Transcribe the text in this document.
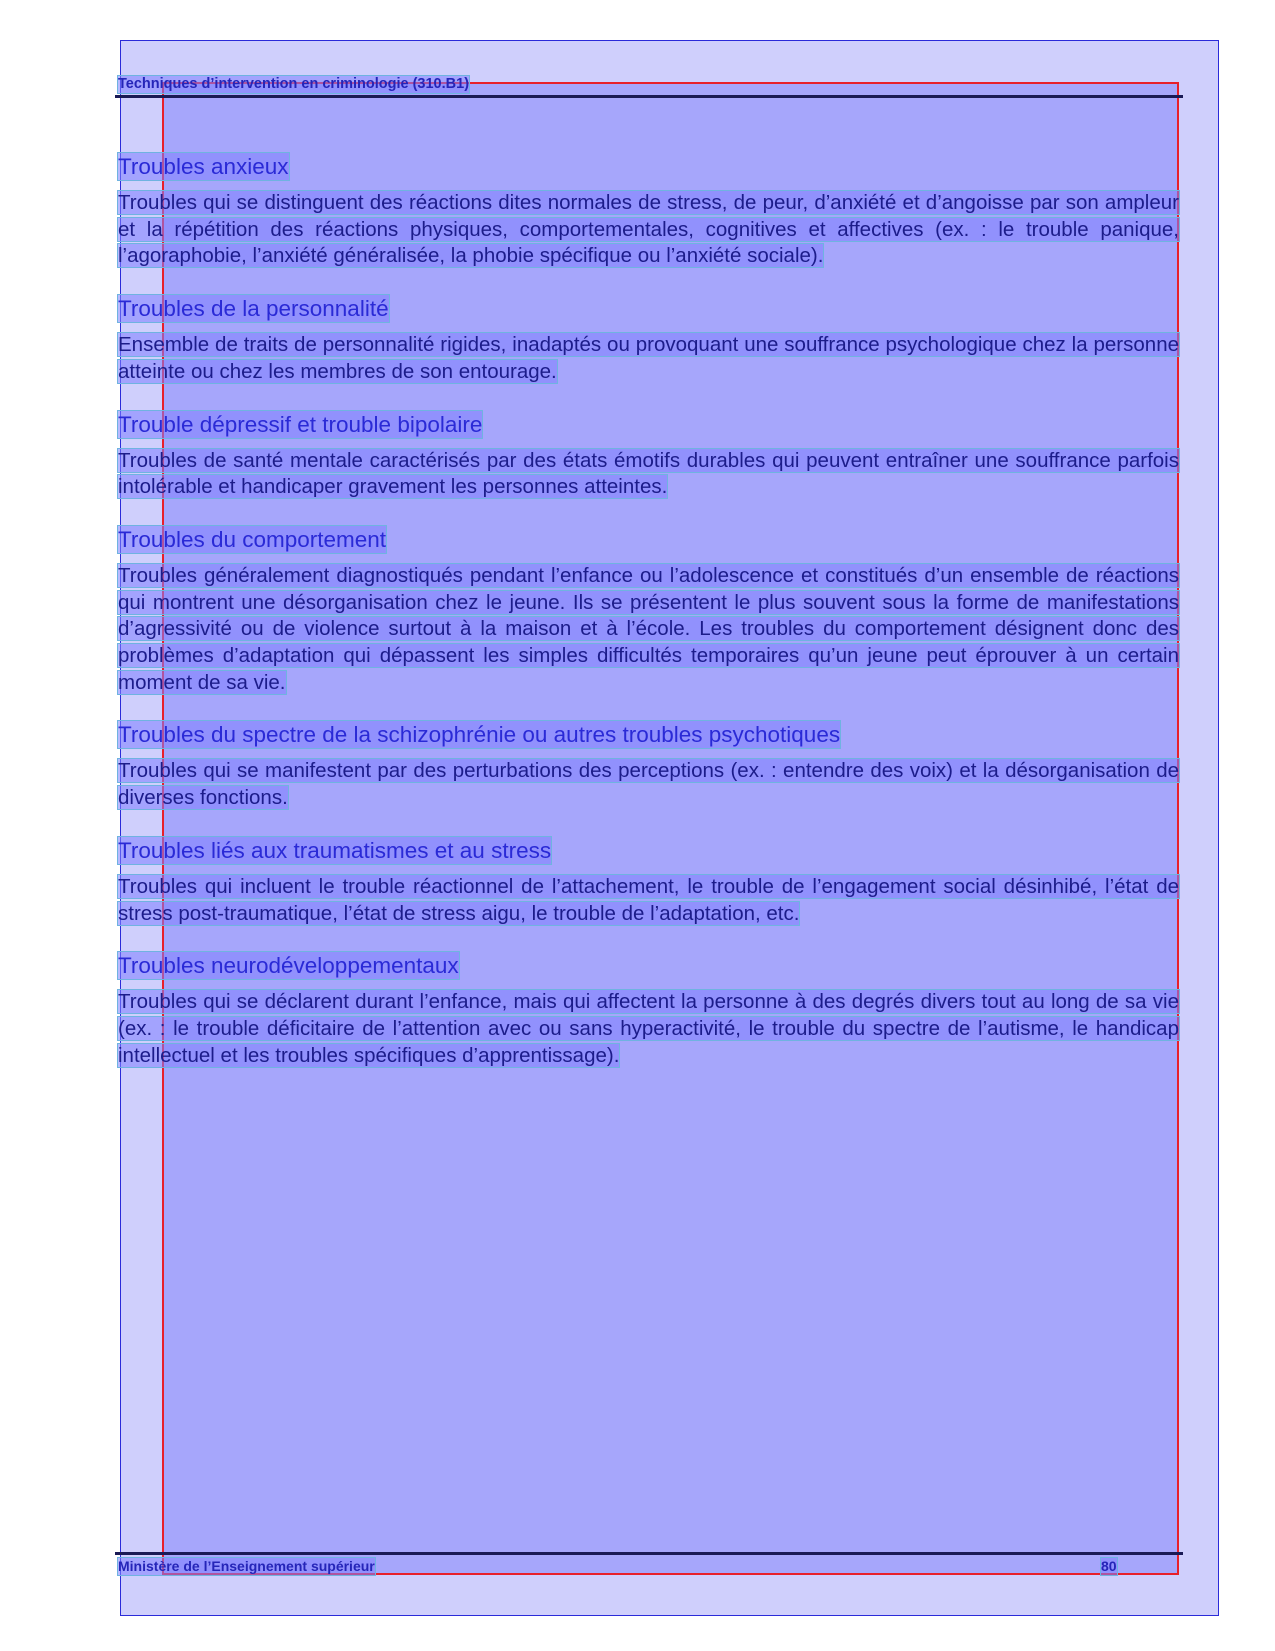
Techniques d’intervention en criminologie (310.B1)
Troubles anxieux

Troubles qui se distinguent des réactions dites normales de stress, de peur, d’anxiété et d’angoisse par son ampleur et la répétition des réactions physiques, comportementales, cognitives et affectives (ex. : le trouble panique, l’agoraphobie, l’anxiété généralisée, la phobie spécifique ou l’anxiété sociale).

Troubles de la personnalité

Ensemble de traits de personnalité rigides, inadaptés ou provoquant une souffrance psychologique chez la personne atteinte ou chez les membres de son entourage.

Trouble dépressif et trouble bipolaire

Troubles de santé mentale caractérisés par des états émotifs durables qui peuvent entraîner une souffrance parfois intolérable et handicaper gravement les personnes atteintes.

Troubles du comportement

Troubles généralement diagnostiqués pendant l’enfance ou l’adolescence et constitués d’un ensemble de réactions qui montrent une désorganisation chez le jeune. Ils se présentent le plus souvent sous la forme de manifestations d’agressivité ou de violence surtout à la maison et à l’école. Les troubles du comportement désignent donc des problèmes d’adaptation qui dépassent les simples difficultés temporaires qu’un jeune peut éprouver à un certain moment de sa vie.

Troubles du spectre de la schizophrénie ou autres troubles psychotiques

Troubles qui se manifestent par des perturbations des perceptions (ex. : entendre des voix) et la désorganisation de diverses fonctions.

Troubles liés aux traumatismes et au stress

Troubles qui incluent le trouble réactionnel de l’attachement, le trouble de l’engagement social désinhibé, l’état de stress post-traumatique, l’état de stress aigu, le trouble de l’adaptation, etc.

Troubles neurodéveloppementaux

Troubles qui se déclarent durant l’enfance, mais qui affectent la personne à des degrés divers tout au long de sa vie (ex. : le trouble déficitaire de l’attention avec ou sans hyperactivité, le trouble du spectre de l’autisme, le handicap intellectuel et les troubles spécifiques d’apprentissage).

Ministère de l’Enseignement supérieur	80
